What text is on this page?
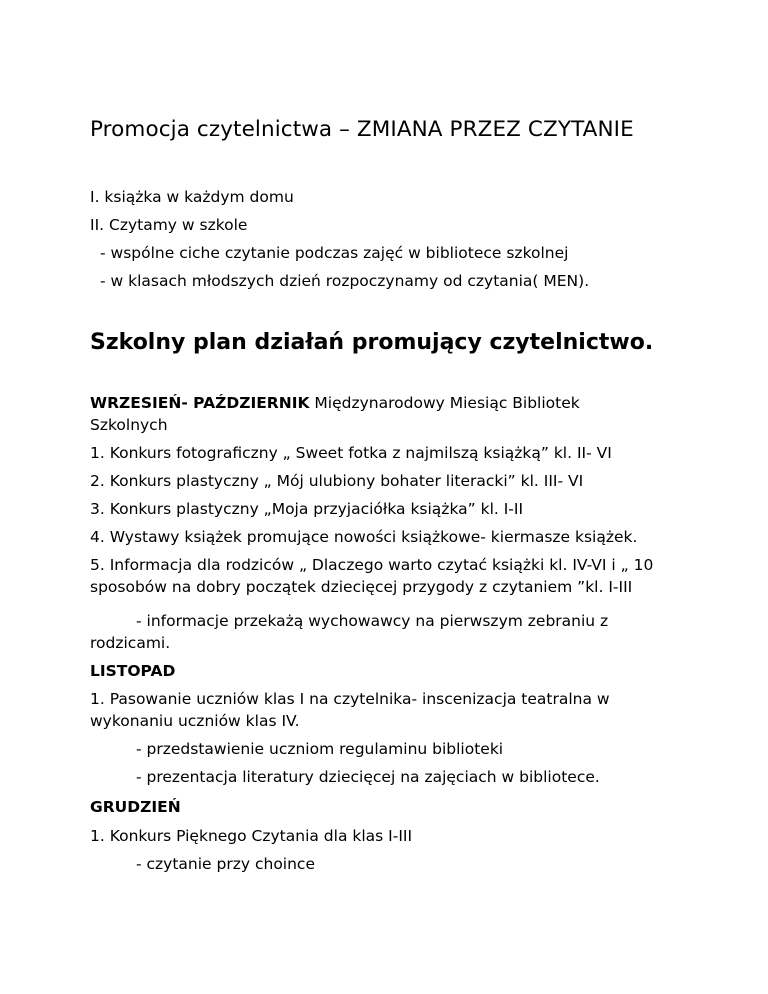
Promocja czytelnictwa – ZMIANA PRZEZ CZYTANIE
I. książka w każdym domu
II. Czytamy w szkole
- wspólne ciche czytanie podczas zajęć w bibliotece szkolnej
- w klasach młodszych dzień rozpoczynamy od czytania( MEN).
Szkolny plan działań promujący czytelnictwo.
WRZESIEŃ- PAŹDZIERNIK Międzynarodowy Miesiąc Bibliotek Szkolnych
1. Konkurs fotograficzny „ Sweet fotka z najmilszą książką” kl. II- VI
2. Konkurs plastyczny „ Mój ulubiony bohater literacki” kl. III- VI
3. Konkurs plastyczny „Moja przyjaciółka książka” kl. I-II
4. Wystawy książek promujące nowości książkowe- kiermasze książek.
5. Informacja dla rodziców „ Dlaczego warto czytać książki kl. IV-VI i „ 10 sposobów na dobry początek dziecięcej przygody z czytaniem ”kl. I-III
- informacje przekażą wychowawcy na pierwszym zebraniu z rodzicami.
LISTOPAD
1. Pasowanie uczniów klas I na czytelnika- inscenizacja teatralna w wykonaniu uczniów klas IV.
- przedstawienie uczniom regulaminu biblioteki
- prezentacja literatury dziecięcej na zajęciach w bibliotece.
GRUDZIEŃ
1. Konkurs Pięknego Czytania dla klas I-III
- czytanie przy choince
